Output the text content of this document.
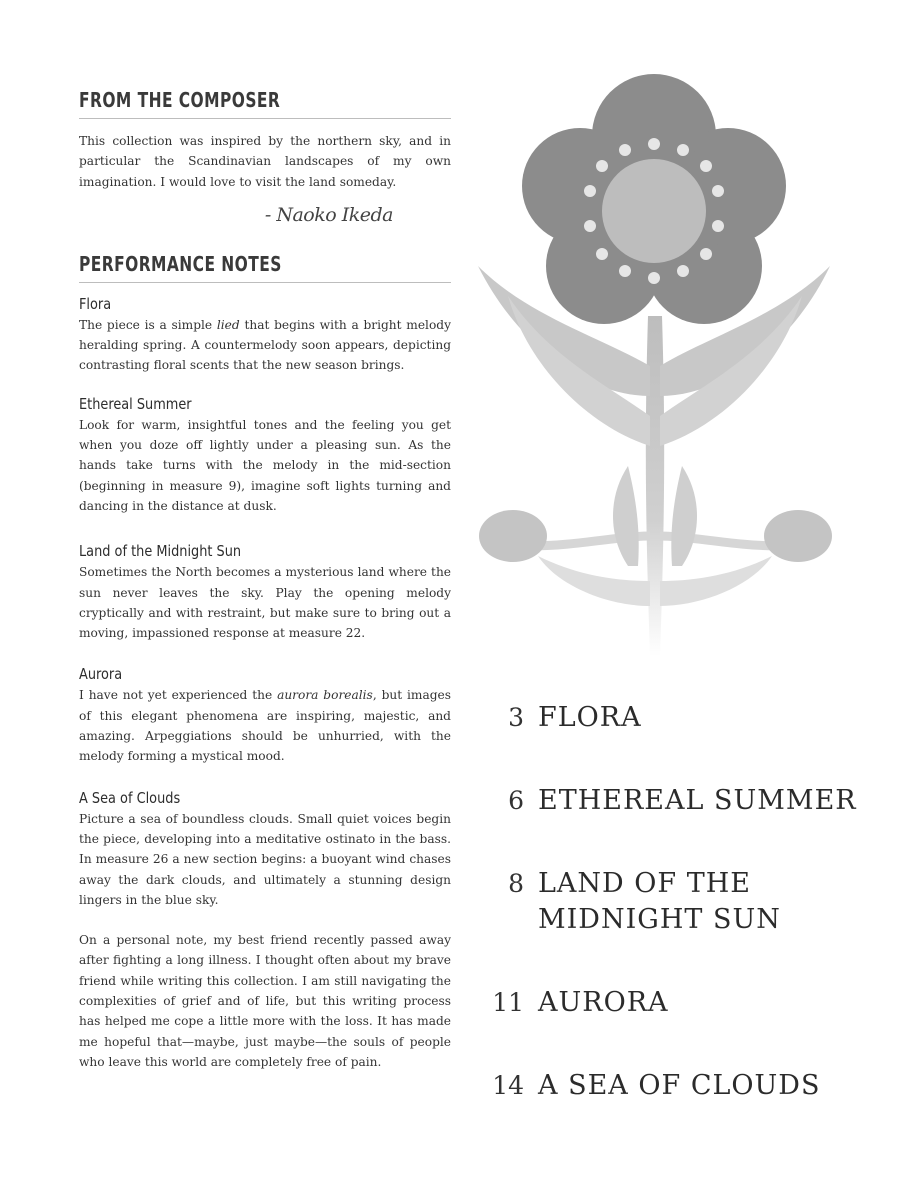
FROM THE COMPOSER

This collection was inspired by the northern sky, and in particular the Scandinavian landscapes of my own imagination. I would love to visit the land someday.

- Naoko Ikeda
PERFORMANCE NOTES
Flora

The piece is a simple lied that begins with a bright melody heralding spring. A countermelody soon appears, depicting contrasting floral scents that the new season brings.

Ethereal Summer

Look for warm, insightful tones and the feeling you get when you doze off lightly under a pleasing sun. As the hands take turns with the melody in the mid-section (beginning in measure 9), imagine soft lights turning and dancing in the distance at dusk.

Land of the Midnight Sun

Sometimes the North becomes a mysterious land where the sun never leaves the sky. Play the opening melody cryptically and with restraint, but make sure to bring out a moving, impassioned response at measure 22.

Aurora

I have not yet experienced the aurora borealis, but images of this elegant phenomena are inspiring, majestic, and amazing. Arpeggiations should be unhurried, with the melody forming a mystical mood.

A Sea of Clouds

Picture a sea of boundless clouds. Small quiet voices begin the piece, developing into a meditative ostinato in the bass. In measure 26 a new section begins: a buoyant wind chases away the dark clouds, and ultimately a stunning design lingers in the blue sky.

On a personal note, my best friend recently passed away after fighting a long illness. I thought often about my brave friend while writing this collection. I am still navigating the complexities of grief and of life, but this writing process has helped me cope a little more with the loss. It has made me hopeful that—maybe, just maybe—the souls of people who leave this world are completely free of pain.

3 FLORA
6 ETHEREAL SUMMER
8 LAND OF THE MIDNIGHT SUN
11 AURORA
14 A SEA OF CLOUDS
